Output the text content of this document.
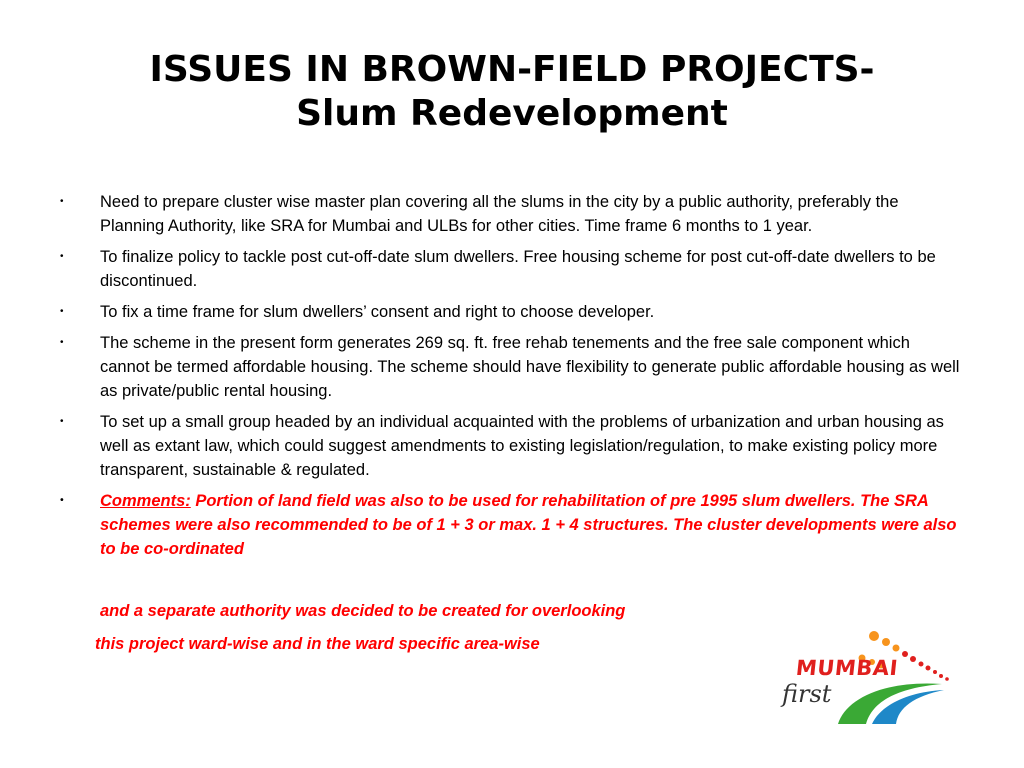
ISSUES IN BROWN-FIELD PROJECTS-
Slum Redevelopment
• Need to prepare cluster wise master plan covering all the slums in the city by a public authority, preferably the Planning Authority, like SRA for Mumbai and ULBs for other cities. Time frame 6 months to 1 year.
• To finalize policy to tackle post cut-off-date slum dwellers. Free housing scheme for post cut-off-date dwellers to be discontinued.
• To fix a time frame for slum dwellers’ consent and right to choose developer.
• The scheme in the present form generates 269 sq. ft. free rehab tenements and the free sale component which cannot be termed affordable housing. The scheme should have flexibility to generate public affordable housing as well as private/public rental housing.
• To set up a small group headed by an individual acquainted with the problems of urbanization and urban housing as well as extant law, which could suggest amendments to existing legislation/regulation, to make existing policy more transparent, sustainable & regulated.
• Comments: Portion of land field was also to be used for rehabilitation of pre 1995 slum dwellers. The SRA schemes were also recommended to be of 1 + 3 or max. 1 + 4 structures. The cluster developments were also to be co-ordinated
and a separate authority was decided to be created for overlooking
this project ward-wise and in the ward specific area-wise
MUMBAI
first
